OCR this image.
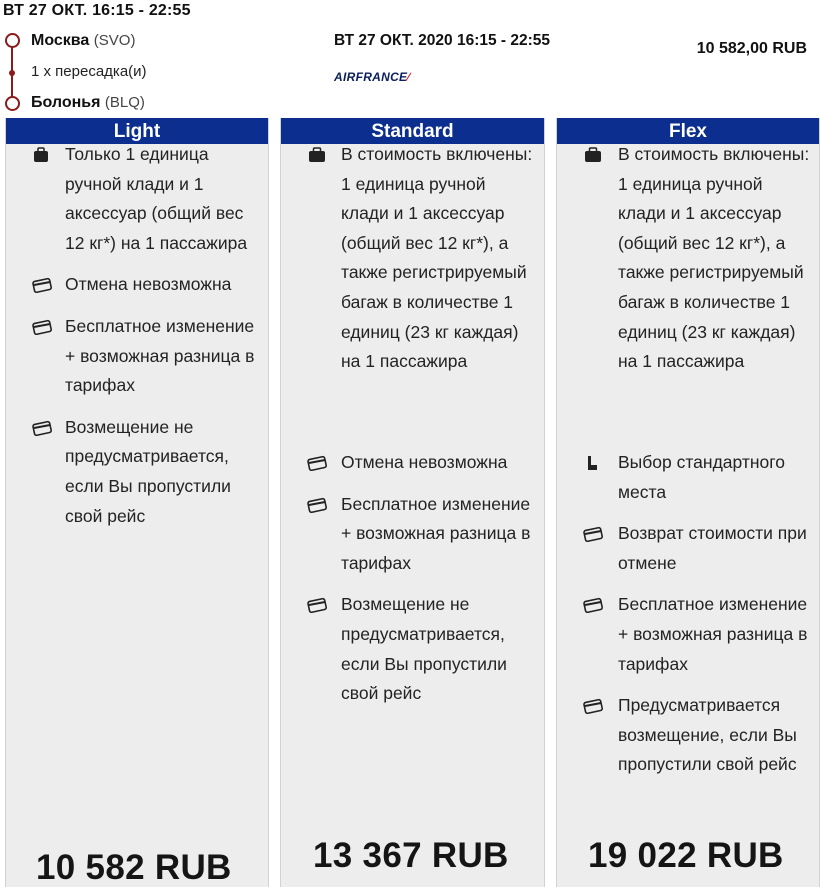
ВТ 27 ОКТ. 16:15 - 22:55
Москва (SVO)
1 x пересадка(и)
Болонья (BLQ)
ВТ 27 ОКТ. 2020 16:15 - 22:55
AIRFRANCE∕
10 582,00 RUB
Light
Только 1 единица ручной клади и 1 аксессуар (общий вес 12 кг*) на 1 пассажира
Отмена невозможна
Бесплатное изменение + возможная разница в тарифах
Возмещение не предусматривается, если Вы пропустили свой рейс
10 582 RUB
Standard
В стоимость включены: 1 единица ручной клади и 1 аксессуар (общий вес 12 кг*), а также регистрируемый багаж в количестве 1 единиц (23 кг каждая) на 1 пассажира
Отмена невозможна
Бесплатное изменение + возможная разница в тарифах
Возмещение не предусматривается, если Вы пропустили свой рейс
13 367 RUB
Flex
В стоимость включены: 1 единица ручной клади и 1 аксессуар (общий вес 12 кг*), а также регистрируемый багаж в количестве 1 единиц (23 кг каждая) на 1 пассажира
Выбор стандартного места
Возврат стоимости при отмене
Бесплатное изменение + возможная разница в тарифах
Предусматривается возмещение, если Вы пропустили свой рейс
19 022 RUB
